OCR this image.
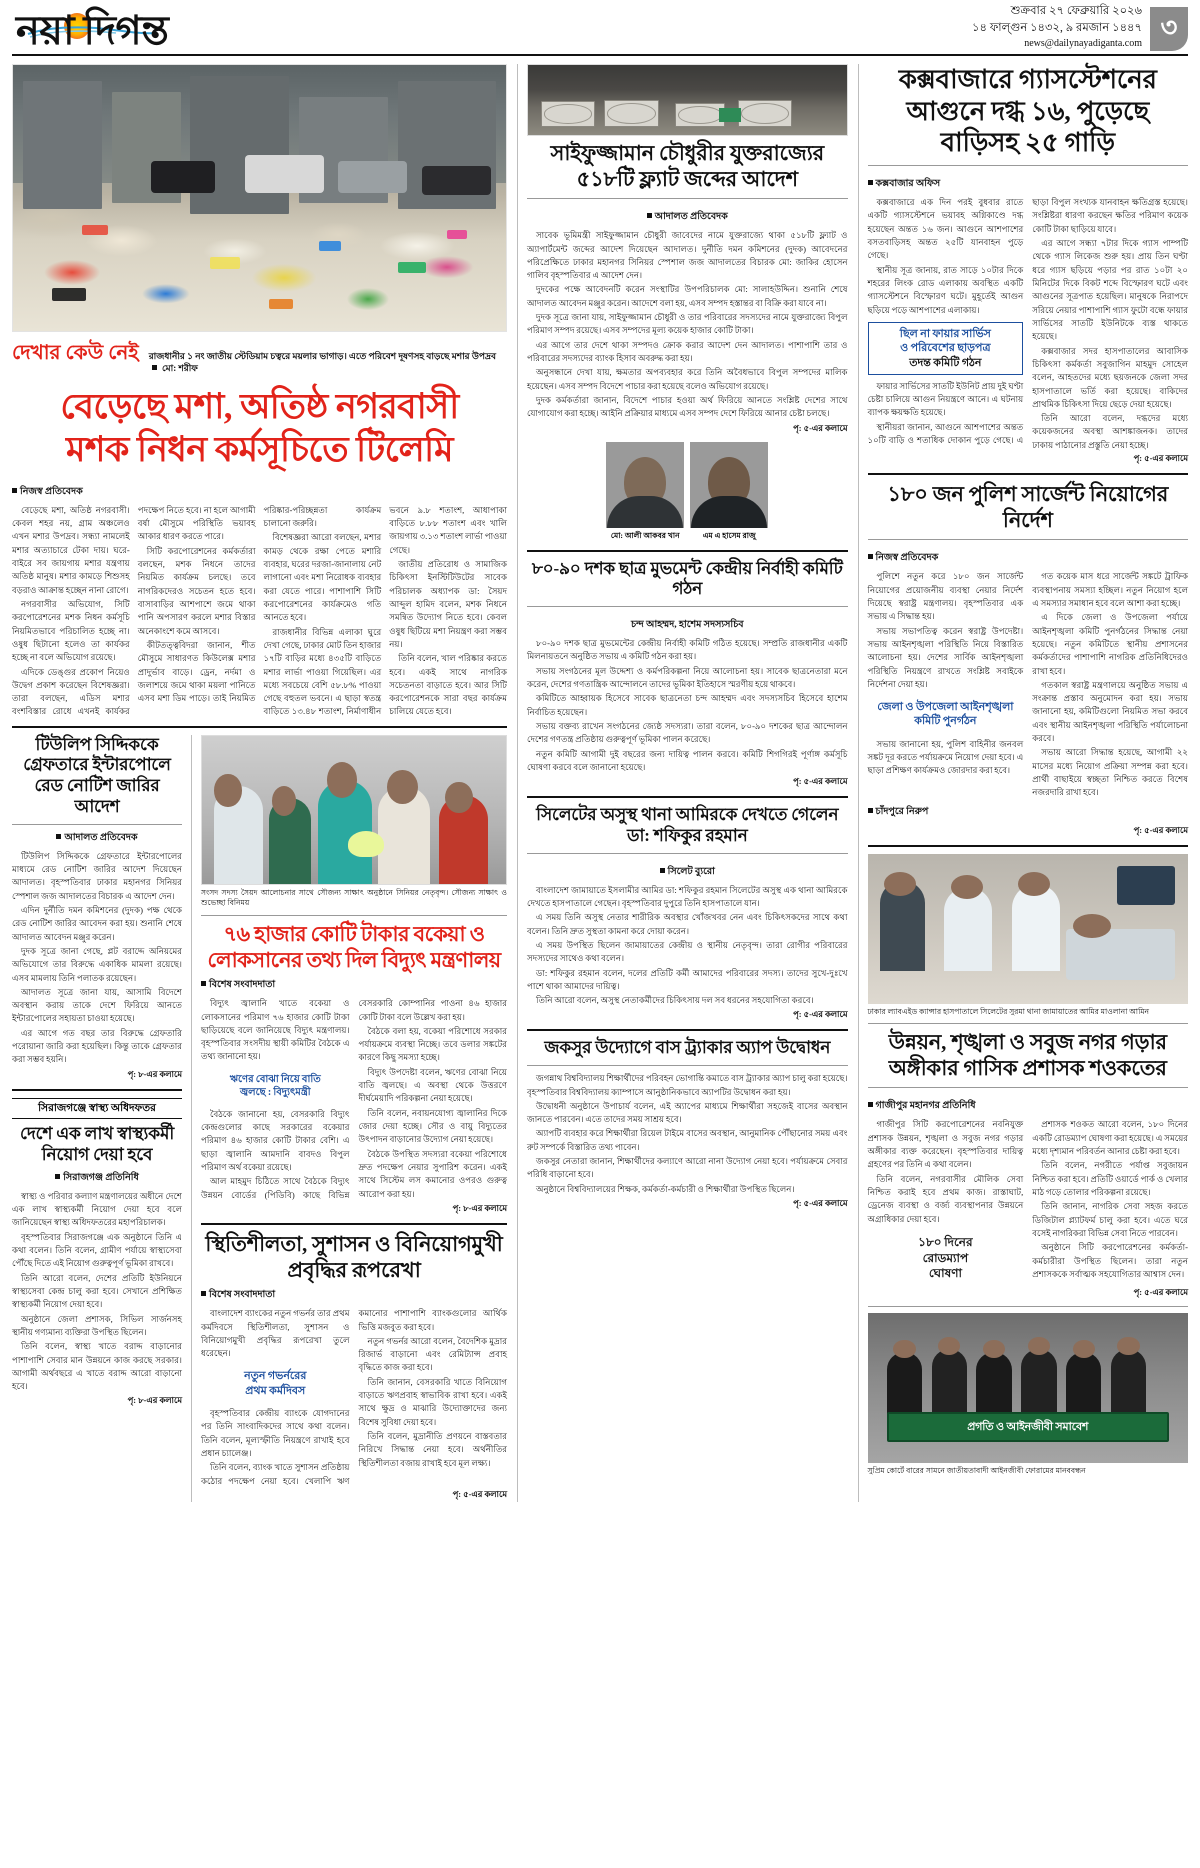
নয়া দিগন্ত	শুক্রবার ২৭ ফেব্রুয়ারি ২০২৬
১৪ ফাল্গুন ১৪৩২, ৯ রমজান ১৪৪৭
news@dailynayadiganta.com
৩
দেখার কেউ নেই রাজধানীর ১ নং জাতীয় স্টেডিয়াম চত্বরে ময়লার ভাগাড়। এতে পরিবেশ দূষণসহ বাড়ছে মশার উপদ্রব  মো: শরীফ
বেড়েছে মশা, অতিষ্ঠ নগরবাসী
মশক নিধন কর্মসূচিতে টিলেমি
নিজস্ব প্রতিবেদক

বেড়েছে মশা, অতিষ্ঠ নগরবাসী। কেবল শহর নয়, গ্রাম অঞ্চলেও এখন মশার উপদ্রব। সন্ধ্যা নামলেই মশার অত্যাচারে টেকা দায়। ঘরে-বাইরে সব জায়গায় মশার যন্ত্রণায় অতিষ্ঠ মানুষ। মশার কামড়ে শিশুসহ বড়রাও আক্রান্ত হচ্ছেন নানা রোগে।

নগরবাসীর অভিযোগ, সিটি করপোরেশনের মশক নিধন কর্মসূচি নিয়মিতভাবে পরিচালিত হচ্ছে না। ওষুধ ছিটানো হলেও তা কার্যকর হচ্ছে না বলে অভিযোগ রয়েছে।

এদিকে ডেঙ্গুর প্রকোপ নিয়েও উদ্বেগ প্রকাশ করেছেন বিশেষজ্ঞরা। তারা বলছেন, এডিস মশার বংশবিস্তার রোধে এখনই কার্যকর পদক্ষেপ নিতে হবে। না হলে আগামী বর্ষা মৌসুমে পরিস্থিতি ভয়াবহ আকার ধারণ করতে পারে।

সিটি করপোরেশনের কর্মকর্তারা বলছেন, মশক নিধনে তাদের নিয়মিত কার্যক্রম চলছে। তবে নাগরিকদেরও সচেতন হতে হবে। বাসাবাড়ির আশপাশে জমে থাকা পানি অপসারণ করলে মশার বিস্তার অনেকাংশে কমে আসবে।

কীটতত্ত্ববিদরা জানান, শীত মৌসুমে সাধারণত কিউলেক্স মশার প্রাদুর্ভাব বাড়ে। ড্রেন, নর্দমা ও জলাশয়ে জমে থাকা ময়লা পানিতে এসব মশা ডিম পাড়ে। তাই নিয়মিত পরিষ্কার-পরিচ্ছন্নতা কার্যক্রম চালানো জরুরি।

বিশেষজ্ঞরা আরো বলছেন, মশার কামড় থেকে রক্ষা পেতে মশারি ব্যবহার, ঘরের দরজা-জানালায় নেট লাগানো এবং মশা নিরোধক ব্যবহার করা যেতে পারে। পাশাপাশি সিটি করপোরেশনের কার্যক্রমেও গতি আনতে হবে।

রাজধানীর বিভিন্ন এলাকা ঘুরে দেখা গেছে, ঢাকার মোট তিন হাজার ১৭টি বাড়ির মধ্যে ৪৩৫টি বাড়িতে মশার লার্ভা পাওয়া গিয়েছিল। এর মধ্যে সবচেয়ে বেশি ৫৮.৮% পাওয়া গেছে বহুতল ভবনে। এ ছাড়া স্বতন্ত্র বাড়িতে ১৩.৪৮ শতাংশ, নির্মাণাধীন ভবনে ৯.৮ শতাংশ, আধাপাকা বাড়িতে ৮.৮৮ শতাংশ এবং খালি জায়গায় ৩.১৩ শতাংশ লার্ভা পাওয়া গেছে।

জাতীয় প্রতিরোধ ও সামাজিক চিকিৎসা ইনস্টিটিউটের সাবেক পরিচালক অধ্যাপক ডা: সৈয়দ আব্দুল হামিদ বলেন, মশক নিধনে সমন্বিত উদ্যোগ নিতে হবে। কেবল ওষুধ ছিটিয়ে মশা নিয়ন্ত্রণ করা সম্ভব নয়।

তিনি বলেন, খাল পরিষ্কার করতে হবে। একই সাথে নাগরিক সচেতনতা বাড়াতে হবে। আর সিটি করপোরেশনকে সারা বছর কার্যক্রম চালিয়ে যেতে হবে।

টিউলিপ সিদ্দিককে গ্রেফতারে ইন্টারপোলে রেড নোটিশ জারির আদেশ
আদালত প্রতিবেদক

টিউলিপ সিদ্দিককে গ্রেফতারে ইন্টারপোলের মাধ্যমে রেড নোটিশ জারির আদেশ দিয়েছেন আদালত। বৃহস্পতিবার ঢাকার মহানগর সিনিয়র স্পেশাল জজ আদালতের বিচারক এ আদেশ দেন।

এদিন দুর্নীতি দমন কমিশনের (দুদক) পক্ষ থেকে রেড নোটিশ জারির আবেদন করা হয়। শুনানি শেষে আদালত আবেদন মঞ্জুর করেন।

দুদক সূত্রে জানা গেছে, প্লট বরাদ্দে অনিয়মের অভিযোগে তার বিরুদ্ধে একাধিক মামলা রয়েছে। এসব মামলায় তিনি পলাতক রয়েছেন।

আদালত সূত্রে জানা যায়, আসামি বিদেশে অবস্থান করায় তাকে দেশে ফিরিয়ে আনতে ইন্টারপোলের সহায়তা চাওয়া হয়েছে।

এর আগে গত বছর তার বিরুদ্ধে গ্রেফতারি পরোয়ানা জারি করা হয়েছিল। কিন্তু তাকে গ্রেফতার করা সম্ভব হয়নি।

পৃ: ৮-এর কলামে
সিরাজগঞ্জে স্বাস্থ্য অধিদফতর
দেশে এক লাখ স্বাস্থ্যকর্মী নিয়োগ দেয়া হবে
সিরাজগঞ্জ প্রতিনিধি

স্বাস্থ্য ও পরিবার কল্যাণ মন্ত্রণালয়ের অধীনে দেশে এক লাখ স্বাস্থ্যকর্মী নিয়োগ দেয়া হবে বলে জানিয়েছেন স্বাস্থ্য অধিদফতরের মহাপরিচালক।

বৃহস্পতিবার সিরাজগঞ্জে এক অনুষ্ঠানে তিনি এ কথা বলেন। তিনি বলেন, গ্রামীণ পর্যায়ে স্বাস্থ্যসেবা পৌঁছে দিতে এই নিয়োগ গুরুত্বপূর্ণ ভূমিকা রাখবে।

তিনি আরো বলেন, দেশের প্রতিটি ইউনিয়নে স্বাস্থ্যসেবা কেন্দ্র চালু করা হবে। সেখানে প্রশিক্ষিত স্বাস্থ্যকর্মী নিয়োগ দেয়া হবে।

অনুষ্ঠানে জেলা প্রশাসক, সিভিল সার্জনসহ স্থানীয় গণ্যমান্য ব্যক্তিরা উপস্থিত ছিলেন।

তিনি বলেন, স্বাস্থ্য খাতে বরাদ্দ বাড়ানোর পাশাপাশি সেবার মান উন্নয়নে কাজ করছে সরকার। আগামী অর্থবছরে এ খাতে বরাদ্দ আরো বাড়ানো হবে।

পৃ: ৮-এর কলামে
সংসদ সদস্য সৈয়দ আলোচনার সাথে সৌজন্য সাক্ষাৎ অনুষ্ঠানে সিনিয়র নেতৃবৃন্দ। সৌজন্য সাক্ষাৎ ও শুভেচ্ছা বিনিময়
৭৬ হাজার কোটি টাকার বকেয়া ও
লোকসানের তথ্য দিল বিদ্যুৎ মন্ত্রণালয়
বিশেষ সংবাদদাতা

বিদ্যুৎ জ্বালানি খাতে বকেয়া ও লোকসানের পরিমাণ ৭৬ হাজার কোটি টাকা ছাড়িয়েছে বলে জানিয়েছে বিদ্যুৎ মন্ত্রণালয়। বৃহস্পতিবার সংসদীয় স্থায়ী কমিটির বৈঠকে এ তথ্য জানানো হয়।

ঋণের বোঝা নিয়ে বাতি
জ্বলছে : বিদ্যুৎমন্ত্রী

বৈঠকে জানানো হয়, বেসরকারি বিদ্যুৎ কেন্দ্রগুলোর কাছে সরকারের বকেয়ার পরিমাণ ৪৬ হাজার কোটি টাকার বেশি। এ ছাড়া জ্বালানি আমদানি বাবদও বিপুল পরিমাণ অর্থ বকেয়া রয়েছে।

আল মাহমুদ চিঠিতে সাথে বৈঠকে বিদ্যুৎ উন্নয়ন বোর্ডের (পিডিবি) কাছে বিভিন্ন বেসরকারি কোম্পানির পাওনা ৪৬ হাজার কোটি টাকা বলে উল্লেখ করা হয়।

বৈঠকে বলা হয়, বকেয়া পরিশোধে সরকার পর্যায়ক্রমে ব্যবস্থা নিচ্ছে। তবে ডলার সঙ্কটের কারণে কিছু সমস্যা হচ্ছে।

বিদ্যুৎ উপদেষ্টা বলেন, ঋণের বোঝা নিয়ে বাতি জ্বলছে। এ অবস্থা থেকে উত্তরণে দীর্ঘমেয়াদি পরিকল্পনা নেয়া হয়েছে।

তিনি বলেন, নবায়নযোগ্য জ্বালানির দিকে জোর দেয়া হচ্ছে। সৌর ও বায়ু বিদ্যুতের উৎপাদন বাড়ানোর উদ্যোগ নেয়া হয়েছে।

বৈঠকে উপস্থিত সদস্যরা বকেয়া পরিশোধে দ্রুত পদক্ষেপ নেয়ার সুপারিশ করেন। একই সাথে সিস্টেম লস কমানোর ওপরও গুরুত্ব আরোপ করা হয়।

পৃ: ৮-এর কলামে
স্থিতিশীলতা, সুশাসন ও বিনিয়োগমুখী প্রবৃদ্ধির রূপরেখা
বিশেষ সংবাদদাতা

বাংলাদেশ ব্যাংকের নতুন গভর্নর তার প্রথম কর্মদিবসে স্থিতিশীলতা, সুশাসন ও বিনিয়োগমুখী প্রবৃদ্ধির রূপরেখা তুলে ধরেছেন।

নতুন গভর্নরের
প্রথম কর্মদিবস

বৃহস্পতিবার কেন্দ্রীয় ব্যাংকে যোগদানের পর তিনি সাংবাদিকদের সাথে কথা বলেন। তিনি বলেন, মূল্যস্ফীতি নিয়ন্ত্রণে রাখাই হবে প্রধান চ্যালেঞ্জ।

তিনি বলেন, ব্যাংক খাতে সুশাসন প্রতিষ্ঠায় কঠোর পদক্ষেপ নেয়া হবে। খেলাপি ঋণ কমানোর পাশাপাশি ব্যাংকগুলোর আর্থিক ভিত্তি মজবুত করা হবে।

নতুন গভর্নর আরো বলেন, বৈদেশিক মুদ্রার রিজার্ভ বাড়ানো এবং রেমিট্যান্স প্রবাহ বৃদ্ধিতে কাজ করা হবে।

তিনি জানান, বেসরকারি খাতে বিনিয়োগ বাড়াতে ঋণপ্রবাহ স্বাভাবিক রাখা হবে। একই সাথে ক্ষুদ্র ও মাঝারি উদ্যোক্তাদের জন্য বিশেষ সুবিধা দেয়া হবে।

তিনি বলেন, মুদ্রানীতি প্রণয়নে বাস্তবতার নিরিখে সিদ্ধান্ত নেয়া হবে। অর্থনীতির স্থিতিশীলতা বজায় রাখাই হবে মূল লক্ষ্য।

পৃ: ৫-এর কলামে
সাইফুজ্জামান চৌধুরীর যুক্তরাজ্যের ৫১৮টি ফ্ল্যাট জব্দের আদেশ
আদালত প্রতিবেদক

সাবেক ভূমিমন্ত্রী সাইফুজ্জামান চৌধুরী জাবেদের নামে যুক্তরাজ্যে থাকা ৫১৮টি ফ্ল্যাট ও অ্যাপার্টমেন্ট জব্দের আদেশ দিয়েছেন আদালত। দুর্নীতি দমন কমিশনের (দুদক) আবেদনের পরিপ্রেক্ষিতে ঢাকার মহানগর সিনিয়র স্পেশাল জজ আদালতের বিচারক মো: জাকির হোসেন গালিব বৃহস্পতিবার এ আদেশ দেন।

দুদকের পক্ষে আবেদনটি করেন সংস্থাটির উপপরিচালক মো: সালাহউদ্দিন। শুনানি শেষে আদালত আবেদন মঞ্জুর করেন। আদেশে বলা হয়, এসব সম্পদ হস্তান্তর বা বিক্রি করা যাবে না।

দুদক সূত্রে জানা যায়, সাইফুজ্জামান চৌধুরী ও তার পরিবারের সদস্যদের নামে যুক্তরাজ্যে বিপুল পরিমাণ সম্পদ রয়েছে। এসব সম্পদের মূল্য কয়েক হাজার কোটি টাকা।

এর আগে তার দেশে থাকা সম্পদও ক্রোক করার আদেশ দেন আদালত। পাশাপাশি তার ও পরিবারের সদস্যদের ব্যাংক হিসাব অবরুদ্ধ করা হয়।

অনুসন্ধানে দেখা যায়, ক্ষমতার অপব্যবহার করে তিনি অবৈধভাবে বিপুল সম্পদের মালিক হয়েছেন। এসব সম্পদ বিদেশে পাচার করা হয়েছে বলেও অভিযোগ রয়েছে।

দুদক কর্মকর্তারা জানান, বিদেশে পাচার হওয়া অর্থ ফিরিয়ে আনতে সংশ্লিষ্ট দেশের সাথে যোগাযোগ করা হচ্ছে। আইনি প্রক্রিয়ার মাধ্যমে এসব সম্পদ দেশে ফিরিয়ে আনার চেষ্টা চলছে।

পৃ: ৫-এর কলামে
মো: আলী আকবর খান	এম এ হাসেম রাজু
৮০-৯০ দশক ছাত্র মুভমেন্ট কেন্দ্রীয় নির্বাহী কমিটি গঠন
চন্দ আহম্মদ, হাশেম সদস্যসচিব

৮০-৯০ দশক ছাত্র মুভমেন্টের কেন্দ্রীয় নির্বাহী কমিটি গঠিত হয়েছে। সম্প্রতি রাজধানীর একটি মিলনায়তনে অনুষ্ঠিত সভায় এ কমিটি গঠন করা হয়।

সভায় সংগঠনের মূল উদ্দেশ্য ও কর্মপরিকল্পনা নিয়ে আলোচনা হয়। সাবেক ছাত্রনেতারা মনে করেন, দেশের গণতান্ত্রিক আন্দোলনে তাদের ভূমিকা ইতিহাসে স্মরণীয় হয়ে থাকবে।

কমিটিতে আহ্বায়ক হিসেবে সাবেক ছাত্রনেতা চন্দ আহম্মদ এবং সদস্যসচিব হিসেবে হাশেম নির্বাচিত হয়েছেন।

সভায় বক্তব্য রাখেন সংগঠনের জ্যেষ্ঠ সদস্যরা। তারা বলেন, ৮০-৯০ দশকের ছাত্র আন্দোলন দেশের গণতন্ত্র প্রতিষ্ঠায় গুরুত্বপূর্ণ ভূমিকা পালন করেছে।

নতুন কমিটি আগামী দুই বছরের জন্য দায়িত্ব পালন করবে। কমিটি শিগগিরই পূর্ণাঙ্গ কর্মসূচি ঘোষণা করবে বলে জানানো হয়েছে।

পৃ: ৫-এর কলামে
সিলেটের অসুস্থ থানা আমিরকে দেখতে গেলেন ডা: শফিকুর রহমান
সিলেট ব্যুরো

বাংলাদেশ জামায়াতে ইসলামীর আমির ডা: শফিকুর রহমান সিলেটের অসুস্থ এক থানা আমিরকে দেখতে হাসপাতালে গেছেন। বৃহস্পতিবার দুপুরে তিনি হাসপাতালে যান।

এ সময় তিনি অসুস্থ নেতার শারীরিক অবস্থার খোঁজখবর নেন এবং চিকিৎসকদের সাথে কথা বলেন। তিনি দ্রুত সুস্থতা কামনা করে দোয়া করেন।

এ সময় উপস্থিত ছিলেন জামায়াতের কেন্দ্রীয় ও স্থানীয় নেতৃবৃন্দ। তারা রোগীর পরিবারের সদস্যদের সাথেও কথা বলেন।

ডা: শফিকুর রহমান বলেন, দলের প্রতিটি কর্মী আমাদের পরিবারের সদস্য। তাদের সুখে-দুঃখে পাশে থাকা আমাদের দায়িত্ব।

তিনি আরো বলেন, অসুস্থ নেতাকর্মীদের চিকিৎসায় দল সব ধরনের সহযোগিতা করবে।

পৃ: ৫-এর কলামে
জকসুর উদ্যোগে বাস ট্র্যাকার অ্যাপ উদ্বোধন

জগন্নাথ বিশ্ববিদ্যালয় শিক্ষার্থীদের পরিবহন ভোগান্তি কমাতে বাস ট্র্যাকার অ্যাপ চালু করা হয়েছে। বৃহস্পতিবার বিশ্ববিদ্যালয় ক্যাম্পাসে আনুষ্ঠানিকভাবে অ্যাপটির উদ্বোধন করা হয়।

উদ্বোধনী অনুষ্ঠানে উপাচার্য বলেন, এই অ্যাপের মাধ্যমে শিক্ষার্থীরা সহজেই বাসের অবস্থান জানতে পারবেন। এতে তাদের সময় সাশ্রয় হবে।

অ্যাপটি ব্যবহার করে শিক্ষার্থীরা রিয়েল টাইমে বাসের অবস্থান, আনুমানিক পৌঁছানোর সময় এবং রুট সম্পর্কে বিস্তারিত তথ্য পাবেন।

জকসুর নেতারা জানান, শিক্ষার্থীদের কল্যাণে আরো নানা উদ্যোগ নেয়া হবে। পর্যায়ক্রমে সেবার পরিধি বাড়ানো হবে।

অনুষ্ঠানে বিশ্ববিদ্যালয়ের শিক্ষক, কর্মকর্তা-কর্মচারী ও শিক্ষার্থীরা উপস্থিত ছিলেন।

পৃ: ৫-এর কলামে
কক্সবাজারে গ্যাসস্টেশনের আগুনে দগ্ধ ১৬, পুড়েছে বাড়িসহ ২৫ গাড়ি
কক্সবাজার অফিস

কক্সবাজারে এক দিন পরই বুধবার রাতে একটি গ্যাসস্টেশনে ভয়াবহ অগ্নিকাণ্ডে দগ্ধ হয়েছেন অন্তত ১৬ জন। আগুনে আশপাশের বসতবাড়িসহ অন্তত ২৫টি যানবাহন পুড়ে গেছে।

স্থানীয় সূত্র জানায়, রাত সাড়ে ১০টার দিকে শহরের লিংক রোড এলাকায় অবস্থিত একটি গ্যাসস্টেশনে বিস্ফোরণ ঘটে। মুহূর্তেই আগুন ছড়িয়ে পড়ে আশপাশের এলাকায়।

ছিল না ফায়ার সার্ভিস
ও পরিবেশের ছাড়পত্র
তদন্ত কমিটি গঠন

ফায়ার সার্ভিসের সাতটি ইউনিট প্রায় দুই ঘণ্টা চেষ্টা চালিয়ে আগুন নিয়ন্ত্রণে আনে। এ ঘটনায় ব্যাপক ক্ষয়ক্ষতি হয়েছে।

স্থানীয়রা জানান, আগুনে আশপাশের অন্তত ১০টি বাড়ি ও শতাধিক দোকান পুড়ে গেছে। এ ছাড়া বিপুল সংখ্যক যানবাহন ক্ষতিগ্রস্ত হয়েছে। সংশ্লিষ্টরা ধারণা করছেন ক্ষতির পরিমাণ কয়েক কোটি টাকা ছাড়িয়ে যাবে।

এর আগে সন্ধ্যা ৭টার দিকে গ্যাস পাম্পটি থেকে গ্যাস লিকেজ শুরু হয়। প্রায় তিন ঘণ্টা ধরে গ্যাস ছড়িয়ে পড়ার পর রাত ১০টা ২০ মিনিটের দিকে বিকট শব্দে বিস্ফোরণ ঘটে এবং আগুনের সূত্রপাত হয়েছিল। মানুষকে নিরাপদে সরিয়ে নেয়ার পাশাপাশি গ্যাস ফুটো বন্ধে ফায়ার সার্ভিসের সাতটি ইউনিটকে ব্যস্ত থাকতে হয়েছে।

কক্সবাজার সদর হাসপাতালের আবাসিক চিকিৎসা কর্মকর্তা সবুজাগিন মাহমুদ সোহেল বলেন, আহতদের মধ্যে ছয়জনকে জেলা সদর হাসপাতালে ভর্তি করা হয়েছে। বাকিদের প্রাথমিক চিকিৎসা দিয়ে ছেড়ে দেয়া হয়েছে।

তিনি আরো বলেন, দগ্ধদের মধ্যে কয়েকজনের অবস্থা আশঙ্কাজনক। তাদের ঢাকায় পাঠানোর প্রস্তুতি নেয়া হচ্ছে।

পৃ: ৫-এর কলামে
১৮০ জন পুলিশ সার্জেন্ট নিয়োগের নির্দেশ
নিজস্ব প্রতিবেদক

পুলিশে নতুন করে ১৮০ জন সার্জেন্ট নিয়োগের প্রয়োজনীয় ব্যবস্থা নেয়ার নির্দেশ দিয়েছে স্বরাষ্ট্র মন্ত্রণালয়। বৃহস্পতিবার এক সভায় এ সিদ্ধান্ত হয়।

সভায় সভাপতিত্ব করেন স্বরাষ্ট্র উপদেষ্টা। সভায় আইনশৃঙ্খলা পরিস্থিতি নিয়ে বিস্তারিত আলোচনা হয়। দেশের সার্বিক আইনশৃঙ্খলা পরিস্থিতি নিয়ন্ত্রণে রাখতে সংশ্লিষ্ট সবাইকে নির্দেশনা দেয়া হয়।

জেলা ও উপজেলা আইনশৃঙ্খলা কমিটি পুনর্গঠন

সভায় জানানো হয়, পুলিশ বাহিনীর জনবল সঙ্কট দূর করতে পর্যায়ক্রমে নিয়োগ দেয়া হবে। এ ছাড়া প্রশিক্ষণ কার্যক্রমও জোরদার করা হবে।

গত কয়েক মাস ধরে সার্জেন্ট সঙ্কটে ট্রাফিক ব্যবস্থাপনায় সমস্যা হচ্ছিল। নতুন নিয়োগ হলে এ সমস্যার সমাধান হবে বলে আশা করা হচ্ছে।

এ দিকে জেলা ও উপজেলা পর্যায়ে আইনশৃঙ্খলা কমিটি পুনর্গঠনের সিদ্ধান্ত নেয়া হয়েছে। নতুন কমিটিতে স্থানীয় প্রশাসনের কর্মকর্তাদের পাশাপাশি নাগরিক প্রতিনিধিদেরও রাখা হবে।

গতকাল স্বরাষ্ট্র মন্ত্রণালয়ে অনুষ্ঠিত সভায় এ সংক্রান্ত প্রস্তাব অনুমোদন করা হয়। সভায় জানানো হয়, কমিটিগুলো নিয়মিত সভা করবে এবং স্থানীয় আইনশৃঙ্খলা পরিস্থিতি পর্যালোচনা করবে।

সভায় আরো সিদ্ধান্ত হয়েছে, আগামী ২২ মাসের মধ্যে নিয়োগ প্রক্রিয়া সম্পন্ন করা হবে। প্রার্থী বাছাইয়ে স্বচ্ছতা নিশ্চিত করতে বিশেষ নজরদারি রাখা হবে।

চাঁদপুরে নিরুপ
পৃ: ৫-এর কলামে
ঢাকার ল্যাবএইড ক্যান্সার হাসপাতালে সিলেটের সুরমা থানা জামায়াতের আমির মাওলানা আমিন
উন্নয়ন, শৃঙ্খলা ও সবুজ নগর গড়ার অঙ্গীকার গাসিক প্রশাসক শওকতের
গাজীপুর মহানগর প্রতিনিধি

গাজীপুর সিটি করপোরেশনের নবনিযুক্ত প্রশাসক উন্নয়ন, শৃঙ্খলা ও সবুজ নগর গড়ার অঙ্গীকার ব্যক্ত করেছেন। বৃহস্পতিবার দায়িত্ব গ্রহণের পর তিনি এ কথা বলেন।

তিনি বলেন, নগরবাসীর মৌলিক সেবা নিশ্চিত করাই হবে প্রথম কাজ। রাস্তাঘাট, ড্রেনেজ ব্যবস্থা ও বর্জ্য ব্যবস্থাপনার উন্নয়নে অগ্রাধিকার দেয়া হবে।

১৮০ দিনের
রোডম্যাপ
ঘোষণা

প্রশাসক শওকত আরো বলেন, ১৮০ দিনের একটি রোডম্যাপ ঘোষণা করা হয়েছে। এ সময়ের মধ্যে দৃশ্যমান পরিবর্তন আনার চেষ্টা করা হবে।

তিনি বলেন, নগরীতে পর্যাপ্ত সবুজায়ন নিশ্চিত করা হবে। প্রতিটি ওয়ার্ডে পার্ক ও খেলার মাঠ গড়ে তোলার পরিকল্পনা রয়েছে।

তিনি জানান, নাগরিক সেবা সহজ করতে ডিজিটাল প্ল্যাটফর্ম চালু করা হবে। এতে ঘরে বসেই নাগরিকরা বিভিন্ন সেবা নিতে পারবেন।

অনুষ্ঠানে সিটি করপোরেশনের কর্মকর্তা-কর্মচারীরা উপস্থিত ছিলেন। তারা নতুন প্রশাসককে সর্বাত্মক সহযোগিতার আশ্বাস দেন।

পৃ: ৫-এর কলামে
প্রগতি ও আইনজীবী সমাবেশ
সুপ্রিম কোর্টে বারের সামনে জাতীয়তাবাদী আইনজীবী ফোরামের মানববন্ধন
